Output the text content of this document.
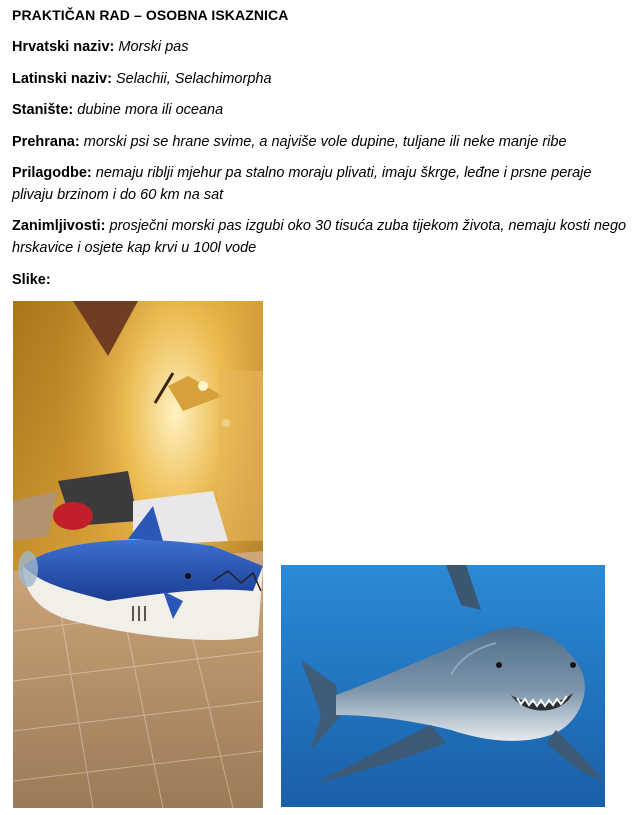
PRAKTIČAN RAD – OSOBNA ISKAZNICA
Hrvatski naziv: Morski pas
Latinski naziv: Selachii, Selachimorpha
Stanište: dubine mora ili oceana
Prehrana: morski psi se hrane svime, a najviše vole dupine, tuljane ili neke manje ribe
Prilagodbe: nemaju riblji mjehur pa stalno moraju plivati, imaju škrge, leđne i prsne peraje plivaju brzinom i do 60 km na sat
Zanimljivosti: prosječni morski pas izgubi oko 30 tisuća zuba tijekom života, nemaju kosti nego hrskavice i osjete kap krvi u 100l vode
Slike:
